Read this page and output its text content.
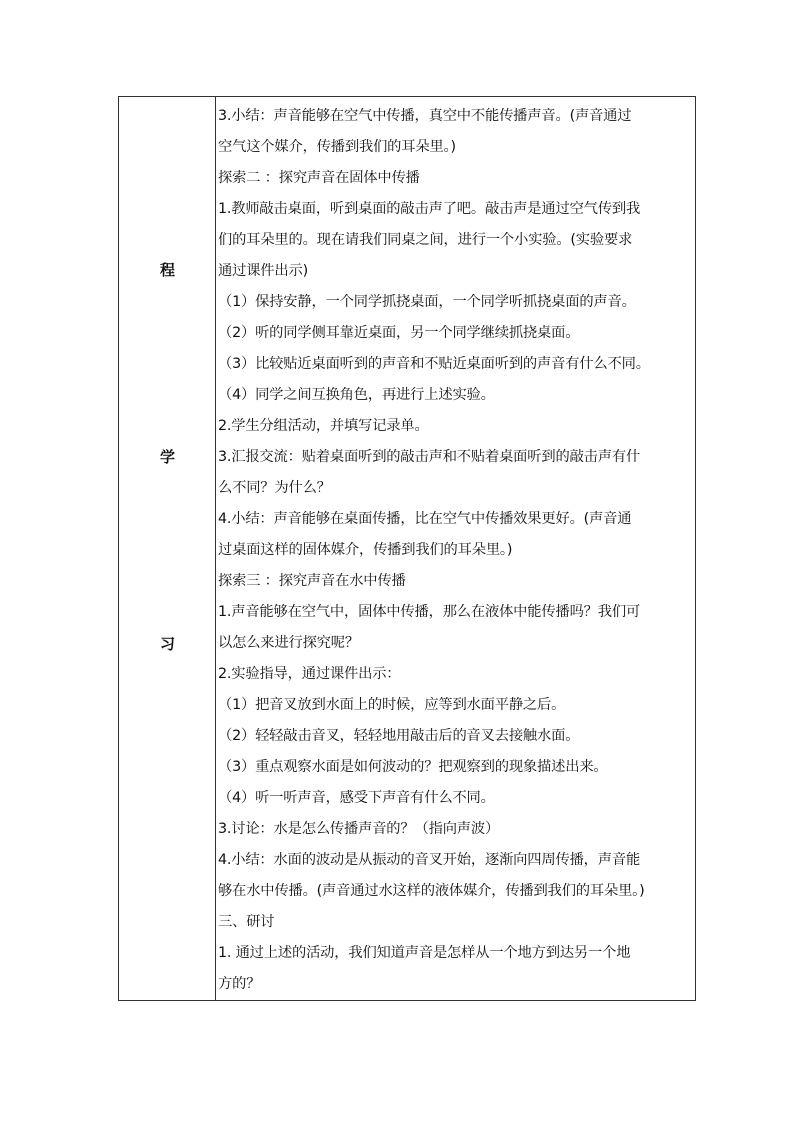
程
学
习
3.小结：声音能够在空气中传播，真空中不能传播声音。(声音通过
空气这个媒介，传播到我们的耳朵里。)
探索二 ：探究声音在固体中传播
1.教师敲击桌面，听到桌面的敲击声了吧。敲击声是通过空气传到我
们的耳朵里的。现在请我们同桌之间，进行一个小实验。(实验要求
通过课件出示)
（1）保持安静，一个同学抓挠桌面，一个同学听抓挠桌面的声音。
（2）听的同学侧耳靠近桌面，另一个同学继续抓挠桌面。
（3）比较贴近桌面听到的声音和不贴近桌面听到的声音有什么不同。
（4）同学之间互换角色，再进行上述实验。
2.学生分组活动，并填写记录单。
3.汇报交流：贴着桌面听到的敲击声和不贴着桌面听到的敲击声有什
么不同？为什么？
4.小结：声音能够在桌面传播，比在空气中传播效果更好。(声音通
过桌面这样的固体媒介，传播到我们的耳朵里。)
探索三 ：探究声音在水中传播
1.声音能够在空气中，固体中传播，那么在液体中能传播吗？我们可
以怎么来进行探究呢？
2.实验指导，通过课件出示：
（1）把音叉放到水面上的时候，应等到水面平静之后。
（2）轻轻敲击音叉，轻轻地用敲击后的音叉去接触水面。
（3）重点观察水面是如何波动的？把观察到的现象描述出来。
（4）听一听声音，感受下声音有什么不同。
3.讨论：水是怎么传播声音的？（指向声波）
4.小结：水面的波动是从振动的音叉开始，逐渐向四周传播，声音能
够在水中传播。(声音通过水这样的液体媒介，传播到我们的耳朵里。)
三、研讨
1. 通过上述的活动，我们知道声音是怎样从一个地方到达另一个地
方的？
